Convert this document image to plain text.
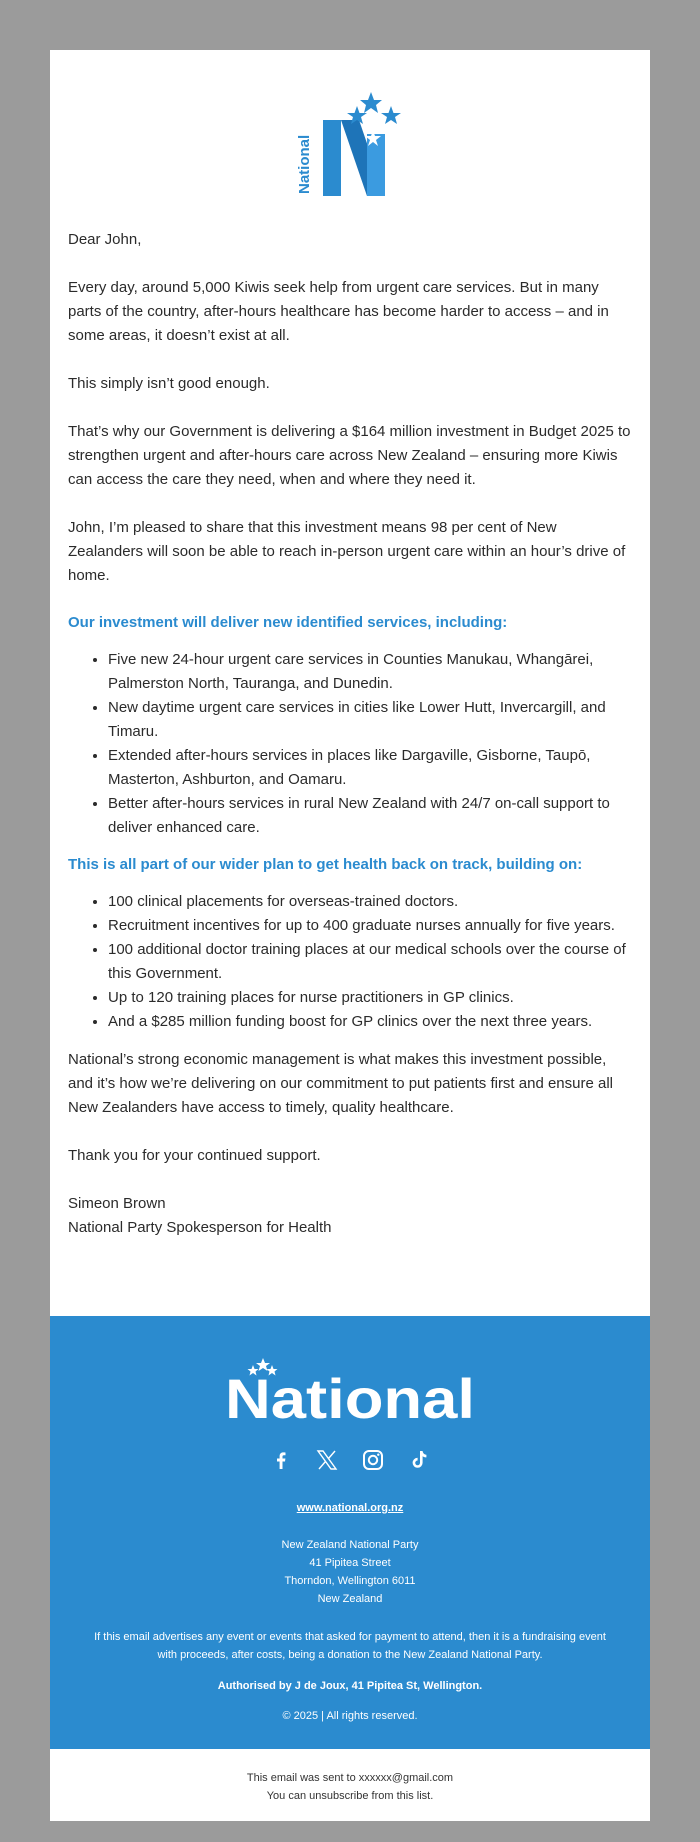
National

Dear John,

Every day, around 5,000 Kiwis seek help from urgent care services. But in many parts of the country, after-hours healthcare has become harder to access – and in some areas, it doesn’t exist at all.

This simply isn’t good enough.

That’s why our Government is delivering a $164 million investment in Budget 2025 to strengthen urgent and after-hours care across New Zealand – ensuring more Kiwis can access the care they need, when and where they need it.

John, I’m pleased to share that this investment means 98 per cent of New Zealanders will soon be able to reach in-person urgent care within an hour’s drive of home.

Our investment will deliver new identified services, including:
• Five new 24-hour urgent care services in Counties Manukau, Whangārei, Palmerston North, Tauranga, and Dunedin.
• New daytime urgent care services in cities like Lower Hutt, Invercargill, and Timaru.
• Extended after-hours services in places like Dargaville, Gisborne, Taupō, Masterton, Ashburton, and Oamaru.
• Better after-hours services in rural New Zealand with 24/7 on-call support to deliver enhanced care.
This is all part of our wider plan to get health back on track, building on:
• 100 clinical placements for overseas-trained doctors.
• Recruitment incentives for up to 400 graduate nurses annually for five years.
• 100 additional doctor training places at our medical schools over the course of this Government.
• Up to 120 training places for nurse practitioners in GP clinics.
• And a $285 million funding boost for GP clinics over the next three years.

National’s strong economic management is what makes this investment possible, and it’s how we’re delivering on our commitment to put patients first and ensure all New Zealanders have access to timely, quality healthcare.

Thank you for your continued support.

Simeon Brown

National Party Spokesperson for Health

National
www.national.org.nz
New Zealand National Party
41 Pipitea Street
Thorndon, Wellington 6011
New Zealand
If this email advertises any event or events that asked for payment to attend, then it is a fundraising event with proceeds, after costs, being a donation to the New Zealand National Party.
Authorised by J de Joux, 41 Pipitea St, Wellington.
© 2025 | All rights reserved.
This email was sent to xxxxxx@gmail.com
You can unsubscribe from this list.
